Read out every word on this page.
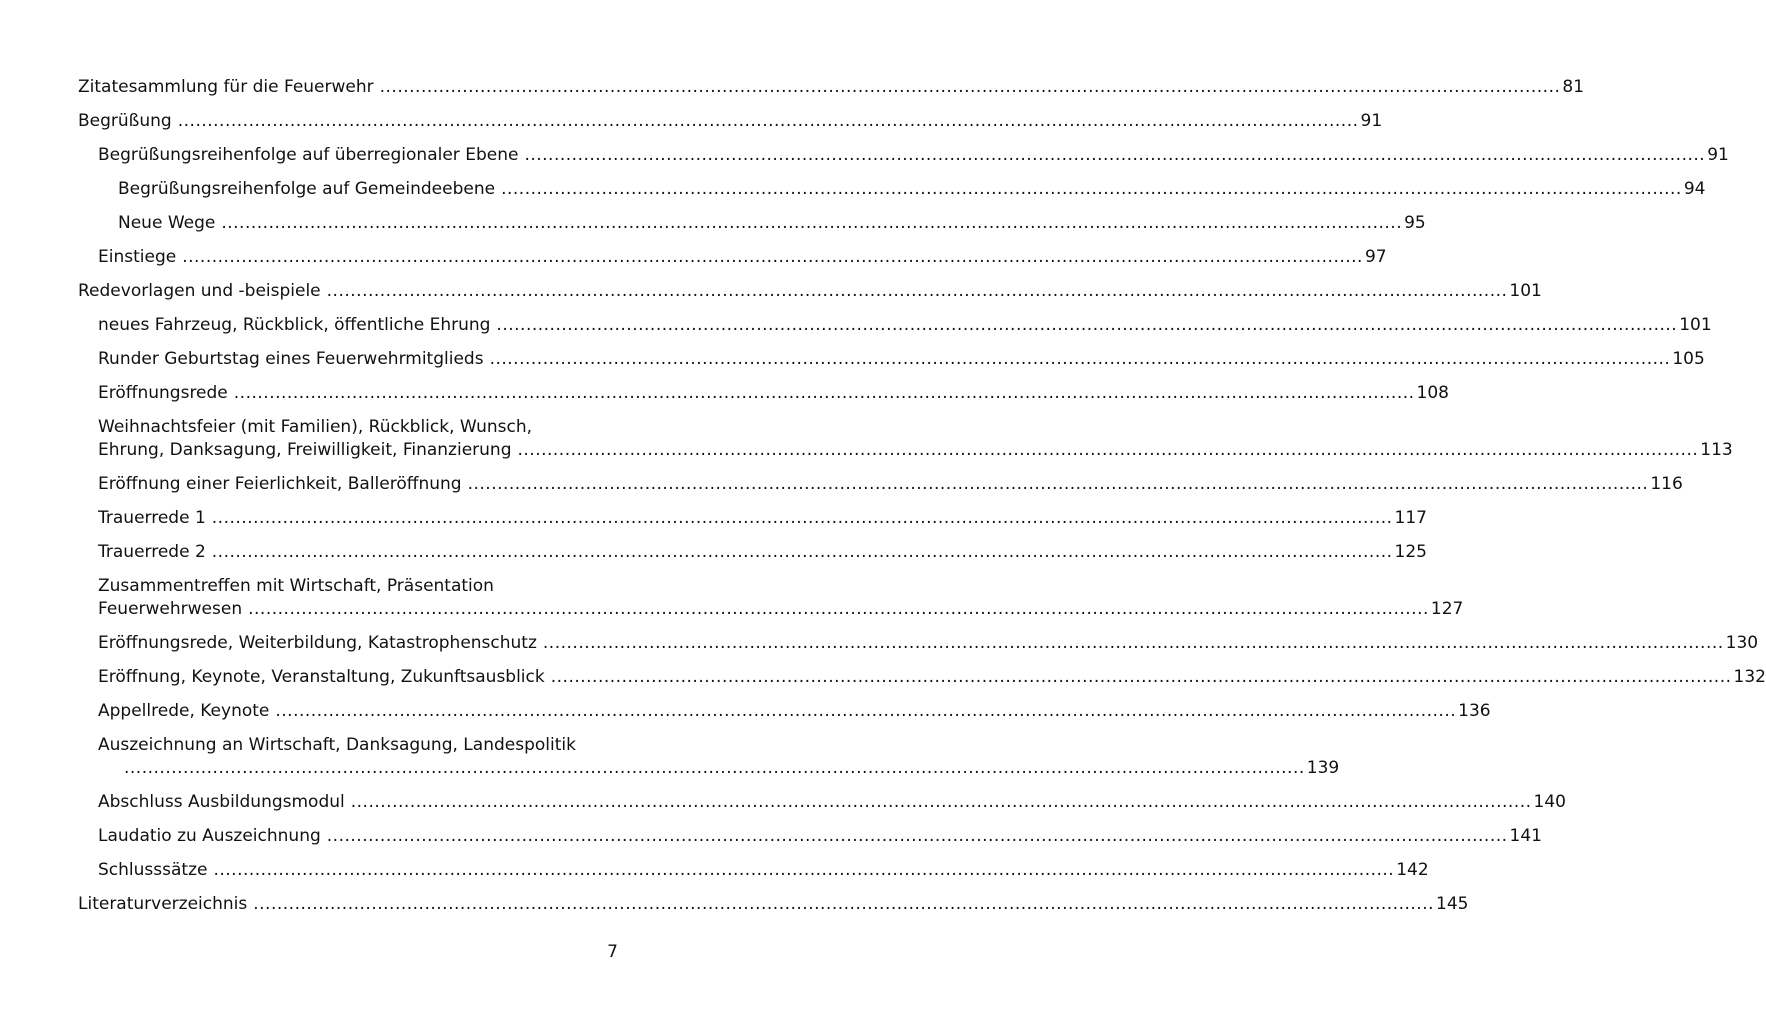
Zitatesammlung für die Feuerwehr ........................................................................................................................................................................................................ 81
Begrüßung ........................................................................................................................................................................................................ 91
Begrüßungsreihenfolge auf überregionaler Ebene ........................................................................................................................................................................................................ 91
Begrüßungsreihenfolge auf Gemeindeebene ........................................................................................................................................................................................................ 94
Neue Wege ........................................................................................................................................................................................................ 95
Einstiege ........................................................................................................................................................................................................ 97
Redevorlagen und -beispiele ........................................................................................................................................................................................................ 101
neues Fahrzeug, Rückblick, öffentliche Ehrung ........................................................................................................................................................................................................ 101
Runder Geburtstag eines Feuerwehrmitglieds ........................................................................................................................................................................................................ 105
Eröffnungsrede ........................................................................................................................................................................................................ 108
Weihnachtsfeier (mit Familien), Rückblick, Wunsch,
Ehrung, Danksagung, Freiwilligkeit, Finanzierung ........................................................................................................................................................................................................ 113
Eröffnung einer Feierlichkeit, Balleröffnung ........................................................................................................................................................................................................ 116
Trauerrede 1 ........................................................................................................................................................................................................ 117
Trauerrede 2 ........................................................................................................................................................................................................ 125
Zusammentreffen mit Wirtschaft, Präsentation
Feuerwehrwesen ........................................................................................................................................................................................................ 127
Eröffnungsrede, Weiterbildung, Katastrophenschutz ........................................................................................................................................................................................................ 130
Eröffnung, Keynote, Veranstaltung, Zukunftsausblick ........................................................................................................................................................................................................ 132
Appellrede, Keynote ........................................................................................................................................................................................................ 136
Auszeichnung an Wirtschaft, Danksagung, Landespolitik
........................................................................................................................................................................................................ 139
Abschluss Ausbildungsmodul ........................................................................................................................................................................................................ 140
Laudatio zu Auszeichnung ........................................................................................................................................................................................................ 141
Schlusssätze ........................................................................................................................................................................................................ 142
Literaturverzeichnis ........................................................................................................................................................................................................ 145
7
